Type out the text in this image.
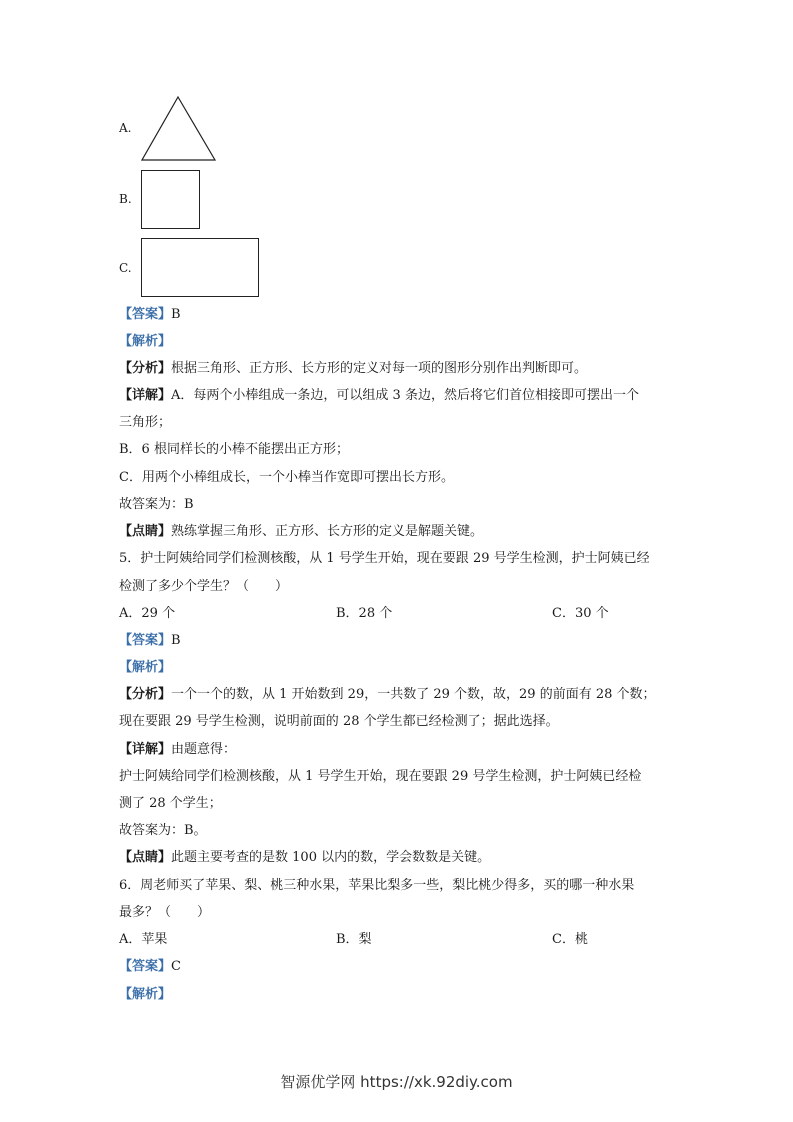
A.
B.
C.
【答案】B
【解析】
【分析】根据三角形、正方形、长方形的定义对每一项的图形分别作出判断即可。
【详解】A．每两个小棒组成一条边，可以组成 3 条边，然后将它们首位相接即可摆出一个
三角形；
B．6 根同样长的小棒不能摆出正方形；
C．用两个小棒组成长，一个小棒当作宽即可摆出长方形。
故答案为：B
【点睛】熟练掌握三角形、正方形、长方形的定义是解题关键。
5．护士阿姨给同学们检测核酸，从 1 号学生开始，现在要跟 29 号学生检测，护士阿姨已经
检测了多少个学生？（　　）
A．29 个	B．28 个	C．30 个
【答案】B
【解析】
【分析】一个一个的数，从 1 开始数到 29，一共数了 29 个数，故，29 的前面有 28 个数；
现在要跟 29 号学生检测，说明前面的 28 个学生都已经检测了；据此选择。
【详解】由题意得：
护士阿姨给同学们检测核酸，从 1 号学生开始，现在要跟 29 号学生检测，护士阿姨已经检
测了 28 个学生；
故答案为：B。
【点睛】此题主要考查的是数 100 以内的数，学会数数是关键。
6．周老师买了苹果、梨、桃三种水果，苹果比梨多一些，梨比桃少得多，买的哪一种水果
最多？（　　）
A．苹果	B．梨	C．桃
【答案】C
【解析】
智源优学网 https://xk.92diy.com
